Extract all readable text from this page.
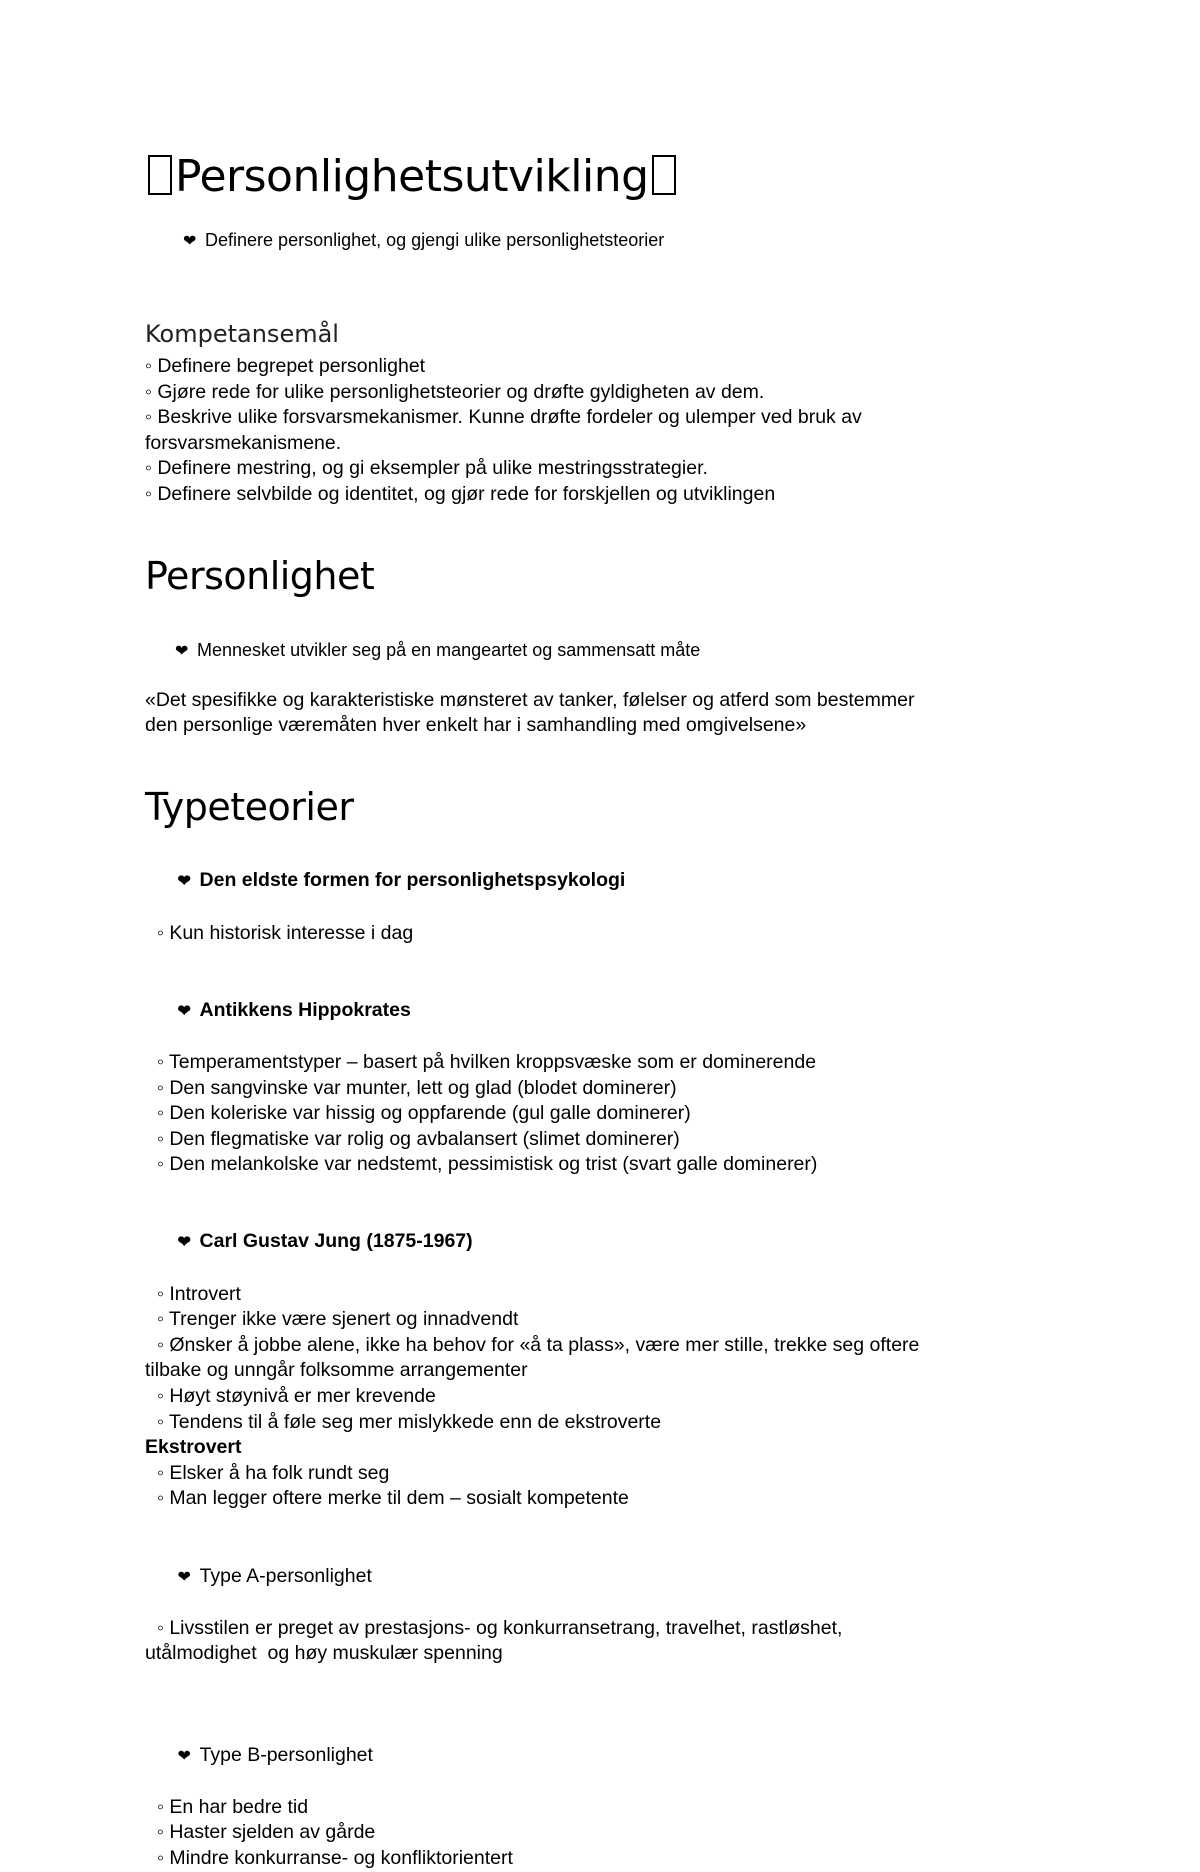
Personlighetsutvikling

❤ Definere personlighet, og gjengi ulike personlighetsteorier

Kompetansemål
◦ Definere begrepet personlighet
◦ Gjøre rede for ulike personlighetsteorier og drøfte gyldigheten av dem.
◦ Beskrive ulike forsvarsmekanismer. Kunne drøfte fordeler og ulemper ved bruk av
forsvarsmekanismene.
◦ Definere mestring, og gi eksempler på ulike mestringsstrategier.
◦ Definere selvbilde og identitet, og gjør rede for forskjellen og utviklingen
Personlighet

❤ Mennesket utvikler seg på en mangeartet og sammensatt måte

«Det spesifikke og karakteristiske mønsteret av tanker, følelser og atferd som bestemmer
den personlige væremåten hver enkelt har i samhandling med omgivelsene»
Typeteorier

❤ Den eldste formen for personlighetspsykologi

◦ Kun historisk interesse i dag

❤ Antikkens Hippokrates

◦ Temperamentstyper – basert på hvilken kroppsvæske som er dominerende
◦ Den sangvinske var munter, lett og glad (blodet dominerer)
◦ Den koleriske var hissig og oppfarende (gul galle dominerer)
◦ Den flegmatiske var rolig og avbalansert (slimet dominerer)
◦ Den melankolske var nedstemt, pessimistisk og trist (svart galle dominerer)

❤ Carl Gustav Jung (1875-1967)

◦ Introvert
◦ Trenger ikke være sjenert og innadvendt
◦ Ønsker å jobbe alene, ikke ha behov for «å ta plass», være mer stille, trekke seg oftere
tilbake og unngår folksomme arrangementer
◦ Høyt støynivå er mer krevende
◦ Tendens til å føle seg mer mislykkede enn de ekstroverte
Ekstrovert
◦ Elsker å ha folk rundt seg
◦ Man legger oftere merke til dem – sosialt kompetente

❤ Type A-personlighet

◦ Livsstilen er preget av prestasjons- og konkurransetrang, travelhet, rastløshet,
utålmodighet  og høy muskulær spenning

❤ Type B-personlighet

◦ En har bedre tid
◦ Haster sjelden av gårde
◦ Mindre konkurranse- og konfliktorientert
